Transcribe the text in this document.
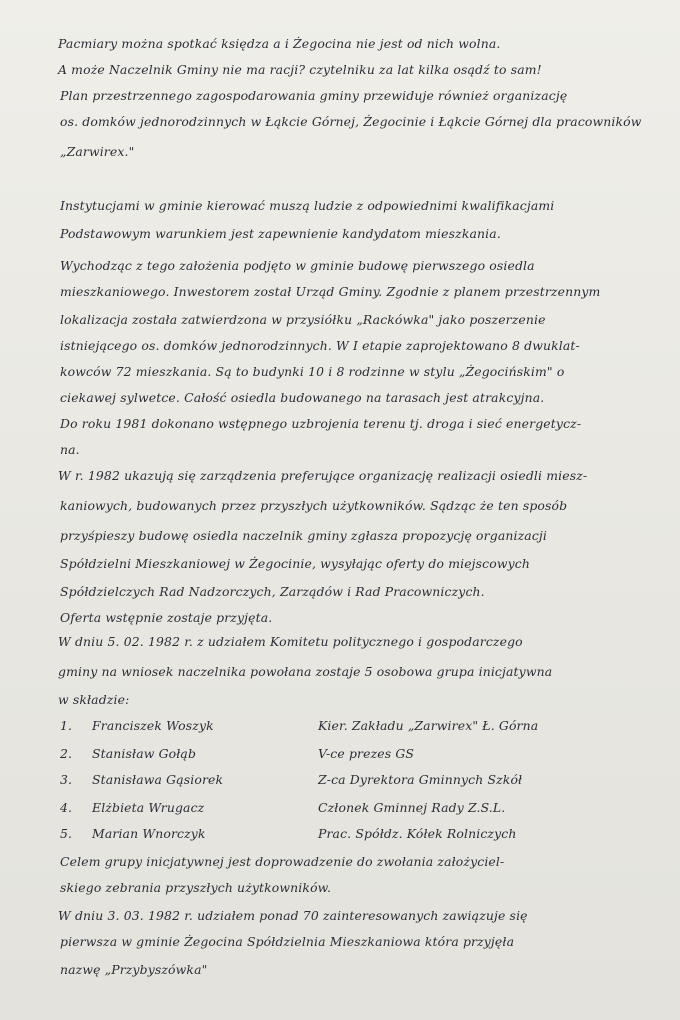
Pacmiary można spotkać księdza a i Żegocina nie jest od nich wolna.
A może Naczelnik Gminy nie ma racji? czytelniku za lat kilka osądź to sam!
Plan przestrzennego zagospodarowania gminy przewiduje również organizację
os. domków jednorodzinnych w Łąkcie Górnej, Żegocinie i Łąkcie Górnej dla pracowników
„Zarwirex."
Instytucjami w gminie kierować muszą ludzie z odpowiednimi kwalifikacjami
Podstawowym warunkiem jest zapewnienie kandydatom mieszkania.
Wychodząc z tego założenia podjęto w gminie budowę pierwszego osiedla
mieszkaniowego. Inwestorem został Urząd Gminy. Zgodnie z planem przestrzennym
lokalizacja została zatwierdzona w przysiółku „Rackówka" jako poszerzenie
istniejącego os. domków jednorodzinnych. W I etapie zaprojektowano 8 dwuklat-
kowców 72 mieszkania. Są to budynki 10 i 8 rodzinne w stylu „Żegocińskim" o
ciekawej sylwetce. Całość osiedla budowanego na tarasach jest atrakcyjna.
Do roku 1981 dokonano wstępnego uzbrojenia terenu tj. droga i sieć energetycz-
na.
W r. 1982 ukazują się zarządzenia preferujące organizację realizacji osiedli miesz-
kaniowych, budowanych przez przyszłych użytkowników. Sądząc że ten sposób
przyśpieszy budowę osiedla naczelnik gminy zgłasza propozycję organizacji
Spółdzielni Mieszkaniowej w Żegocinie, wysyłając oferty do miejscowych
Spółdzielczych Rad Nadzorczych, Zarządów i Rad Pracowniczych.
Oferta wstępnie zostaje przyjęta.
W dniu 5. 02. 1982 r. z udziałem Komitetu politycznego i gospodarczego
gminy na wniosek naczelnika powołana zostaje 5 osobowa grupa inicjatywna
w składzie:
1. Franciszek Woszyk	Kier. Zakładu „Zarwirex" Ł. Górna
2. Stanisław Gołąb	V-ce prezes GS
3. Stanisława Gąsiorek	Z-ca Dyrektora Gminnych Szkół
4. Elżbieta Wrugacz	Członek Gminnej Rady Z.S.L.
5. Marian Wnorczyk	Prac. Spółdz. Kółek Rolniczych
Celem grupy inicjatywnej jest doprowadzenie do zwołania założyciel-
skiego zebrania przyszłych użytkowników.
W dniu 3. 03. 1982 r. udziałem ponad 70 zainteresowanych zawiązuje się
pierwsza w gminie Żegocina Spółdzielnia Mieszkaniowa która przyjęła
nazwę „Przybyszówka"
